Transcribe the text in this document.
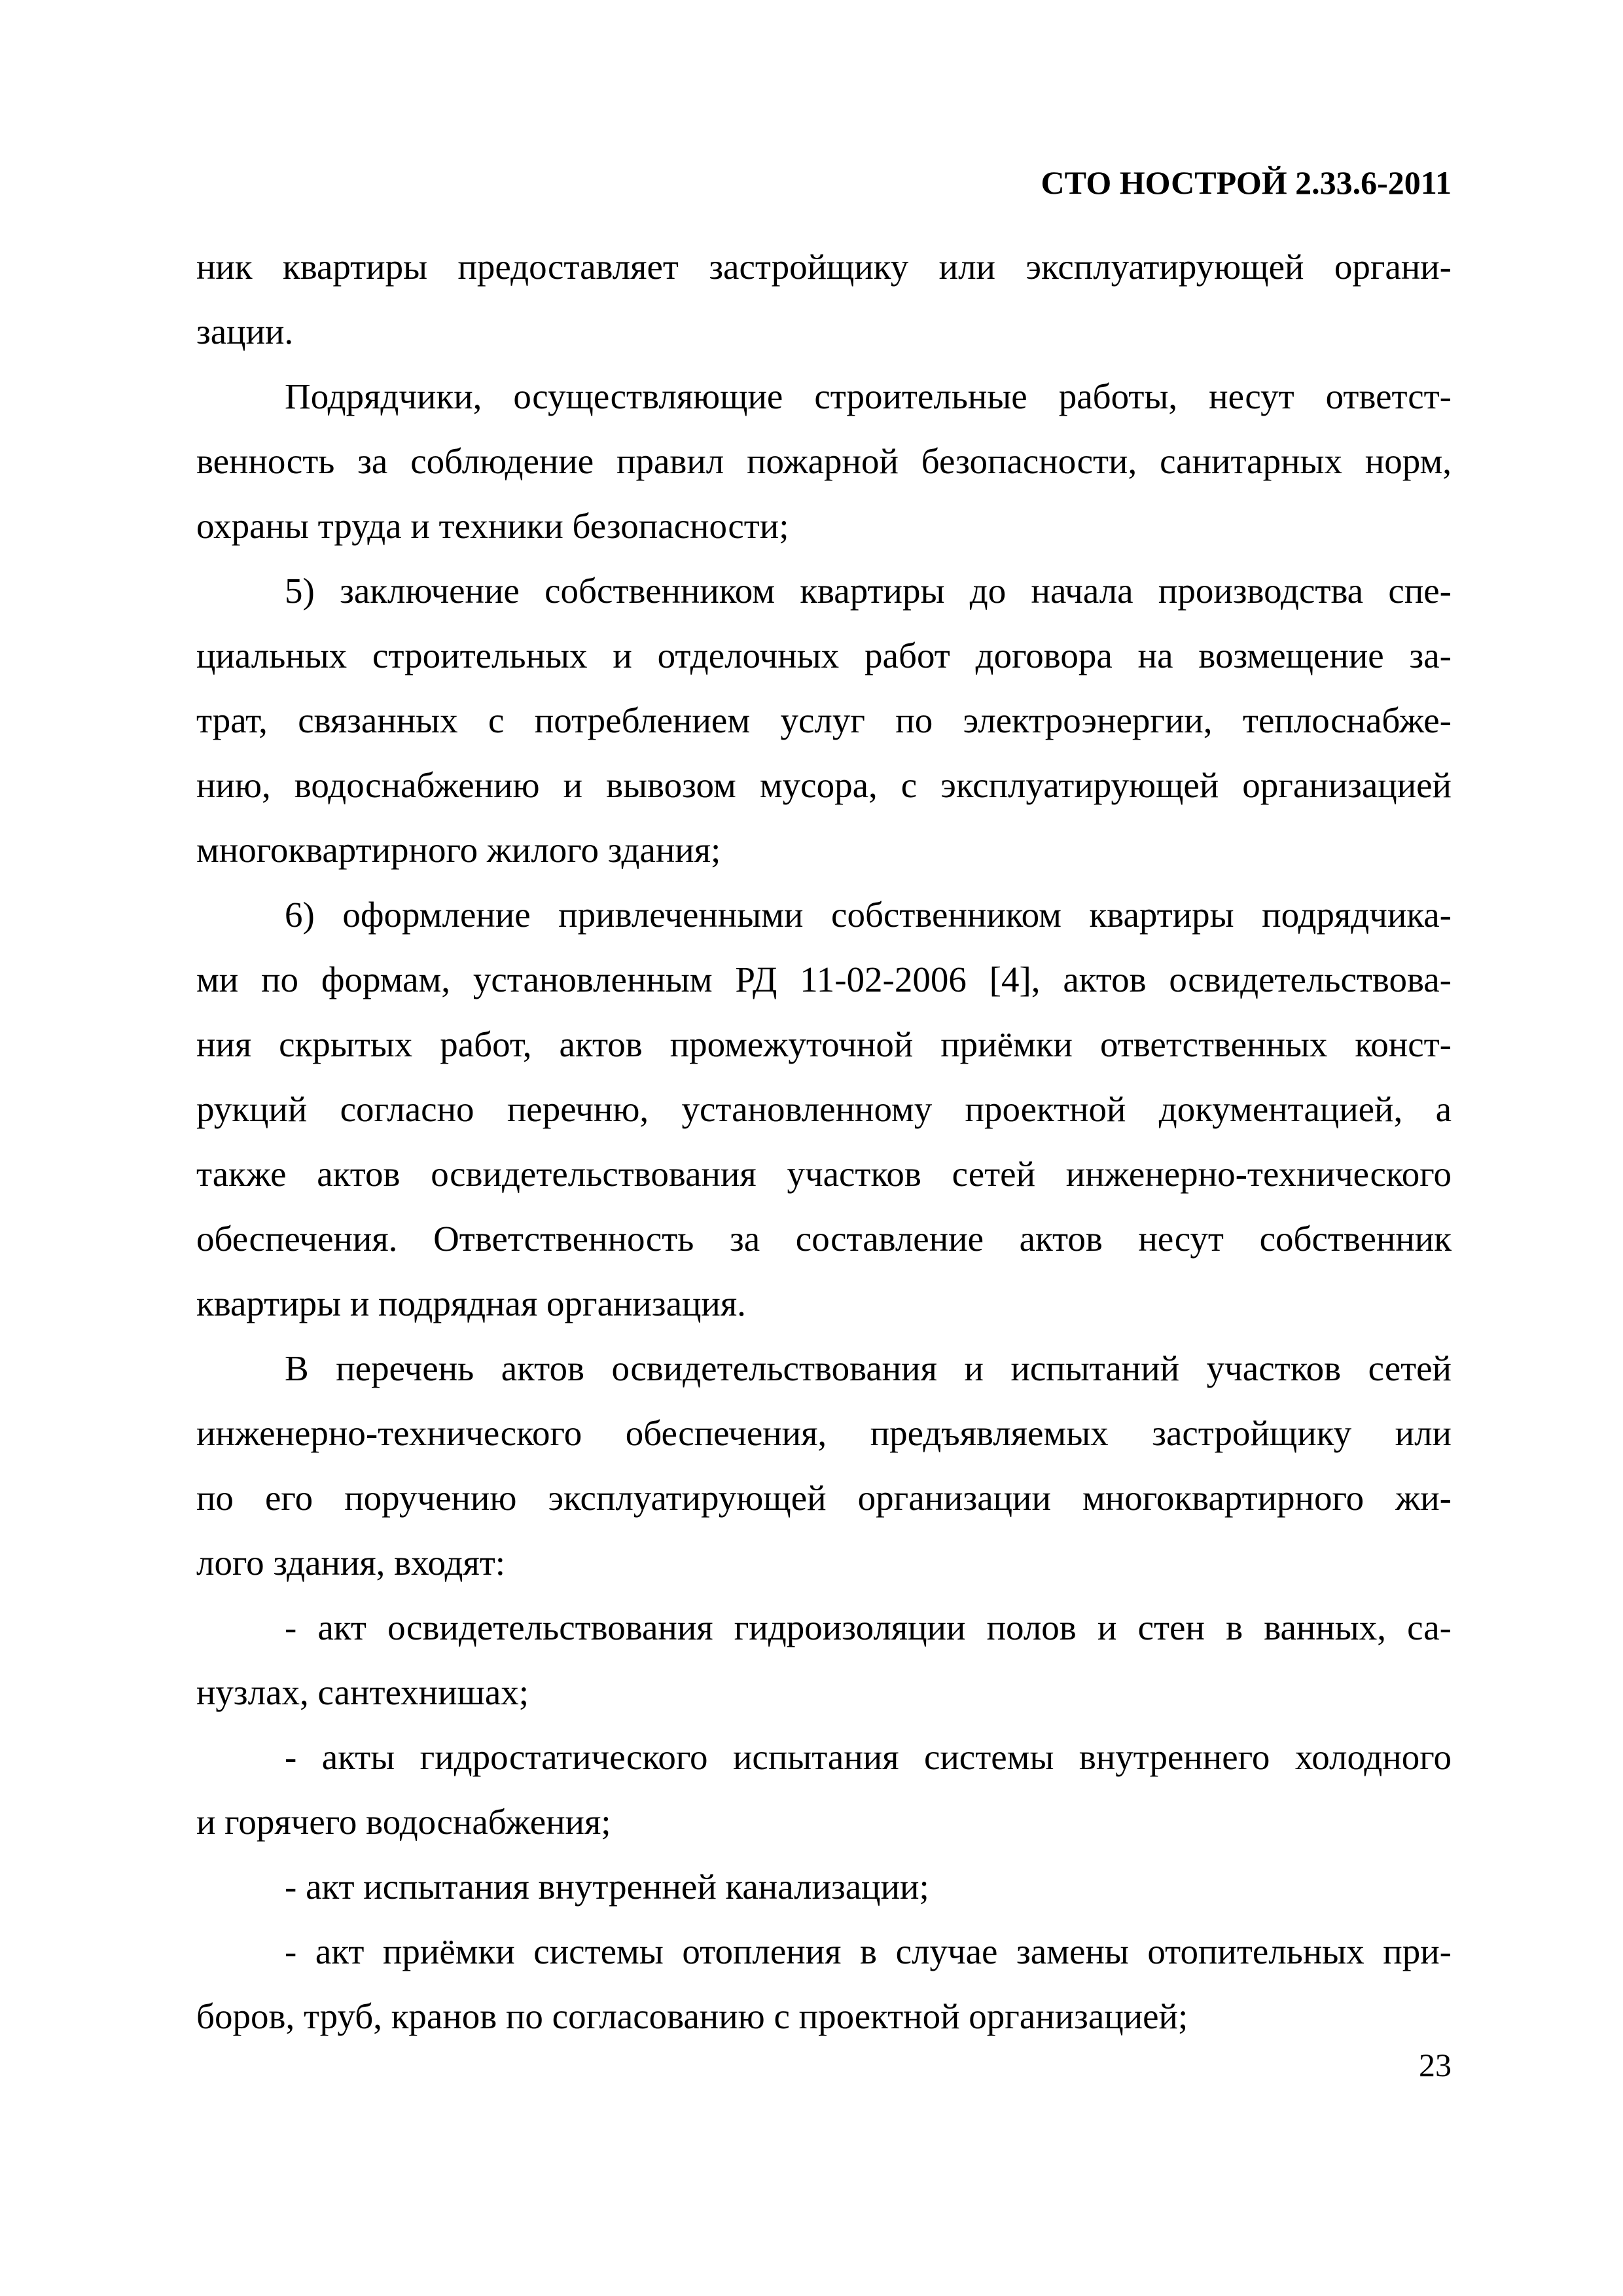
СТО НОСТРОЙ 2.33.6-2011
ник квартиры предоставляет застройщику или эксплуатирующей органи-
зации.
Подрядчики, осуществляющие строительные работы, несут ответст-
венность за соблюдение правил пожарной безопасности, санитарных норм,
охраны труда и техники безопасности;
5) заключение собственником квартиры до начала производства спе-
циальных строительных и отделочных работ договора на возмещение за-
трат, связанных с потреблением услуг по электроэнергии, теплоснабже-
нию, водоснабжению и вывозом мусора, с эксплуатирующей организацией
многоквартирного жилого здания;
6) оформление привлеченными собственником квартиры подрядчика-
ми по формам, установленным РД 11-02-2006 [4], актов освидетельствова-
ния скрытых работ, актов промежуточной приёмки ответственных конст-
рукций согласно перечню, установленному проектной документацией, а
также актов освидетельствования участков сетей инженерно-технического
обеспечения. Ответственность за составление актов несут собственник
квартиры и подрядная организация.
В перечень актов освидетельствования и испытаний участков сетей
инженерно-технического обеспечения, предъявляемых застройщику или
по его поручению эксплуатирующей организации многоквартирного жи-
лого здания, входят:
- акт освидетельствования гидроизоляции полов и стен в ванных, са-
нузлах, сантехнишах;
- акты гидростатического испытания системы внутреннего холодного
и горячего водоснабжения;
- акт испытания внутренней канализации;
- акт приёмки системы отопления в случае замены отопительных при-
боров, труб, кранов по согласованию с проектной организацией;
23
